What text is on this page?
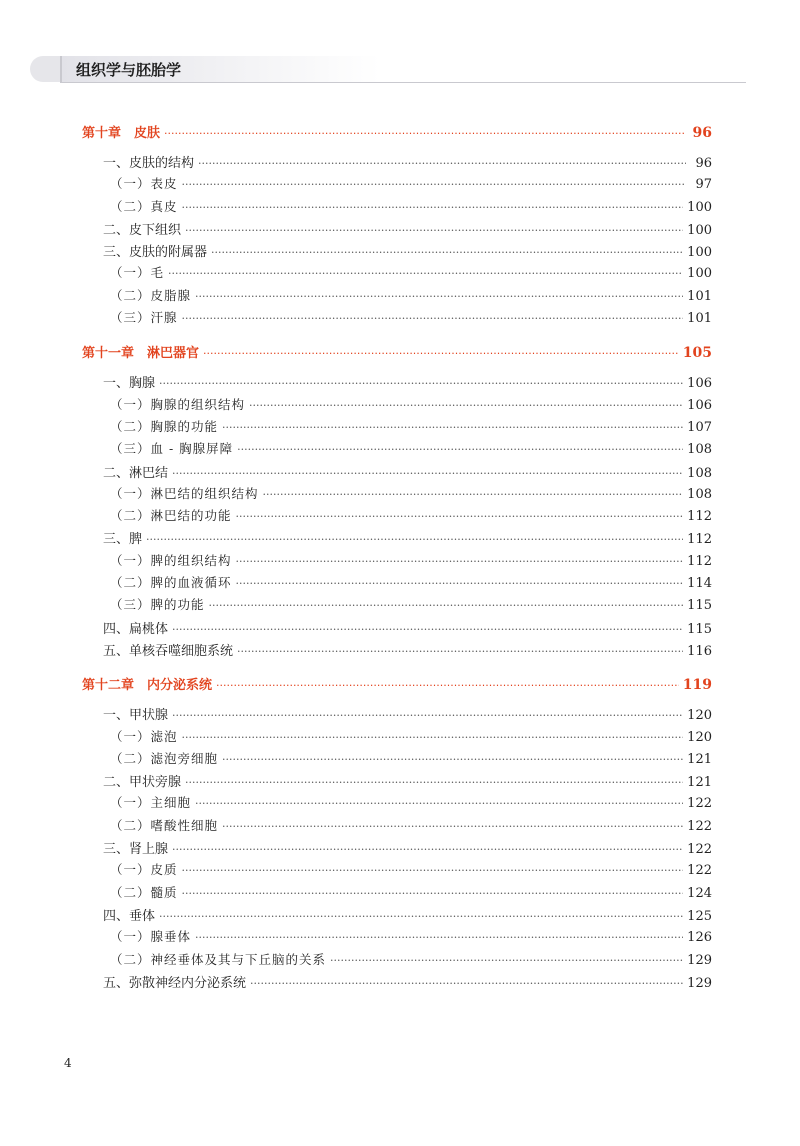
组织学与胚胎学
第十章　皮肤 ·····	96
一、皮肤的结构 ·····	96
（一）表皮 ·····	97
（二）真皮 ·····	100
二、皮下组织 ·····	100
三、皮肤的附属器 ·····	100
（一）毛 ·····	100
（二）皮脂腺 ·····	101
（三）汗腺 ·····	101
第十一章　淋巴器官 ·····	105
一、胸腺 ·····	106
（一）胸腺的组织结构 ·····	106
（二）胸腺的功能 ·····	107
（三）血 - 胸腺屏障 ·····	108
二、淋巴结 ·····	108
（一）淋巴结的组织结构 ·····	108
（二）淋巴结的功能 ·····	112
三、脾 ·····	112
（一）脾的组织结构 ·····	112
（二）脾的血液循环 ·····	114
（三）脾的功能 ·····	115
四、扁桃体 ·····	115
五、单核吞噬细胞系统 ·····	116
第十二章　内分泌系统 ·····	119
一、甲状腺 ·····	120
（一）滤泡 ·····	120
（二）滤泡旁细胞 ·····	121
二、甲状旁腺 ·····	121
（一）主细胞 ·····	122
（二）嗜酸性细胞 ·····	122
三、肾上腺 ·····	122
（一）皮质 ·····	122
（二）髓质 ·····	124
四、垂体 ·····	125
（一）腺垂体 ·····	126
（二）神经垂体及其与下丘脑的关系 ·····	129
五、弥散神经内分泌系统 ·····	129
4
